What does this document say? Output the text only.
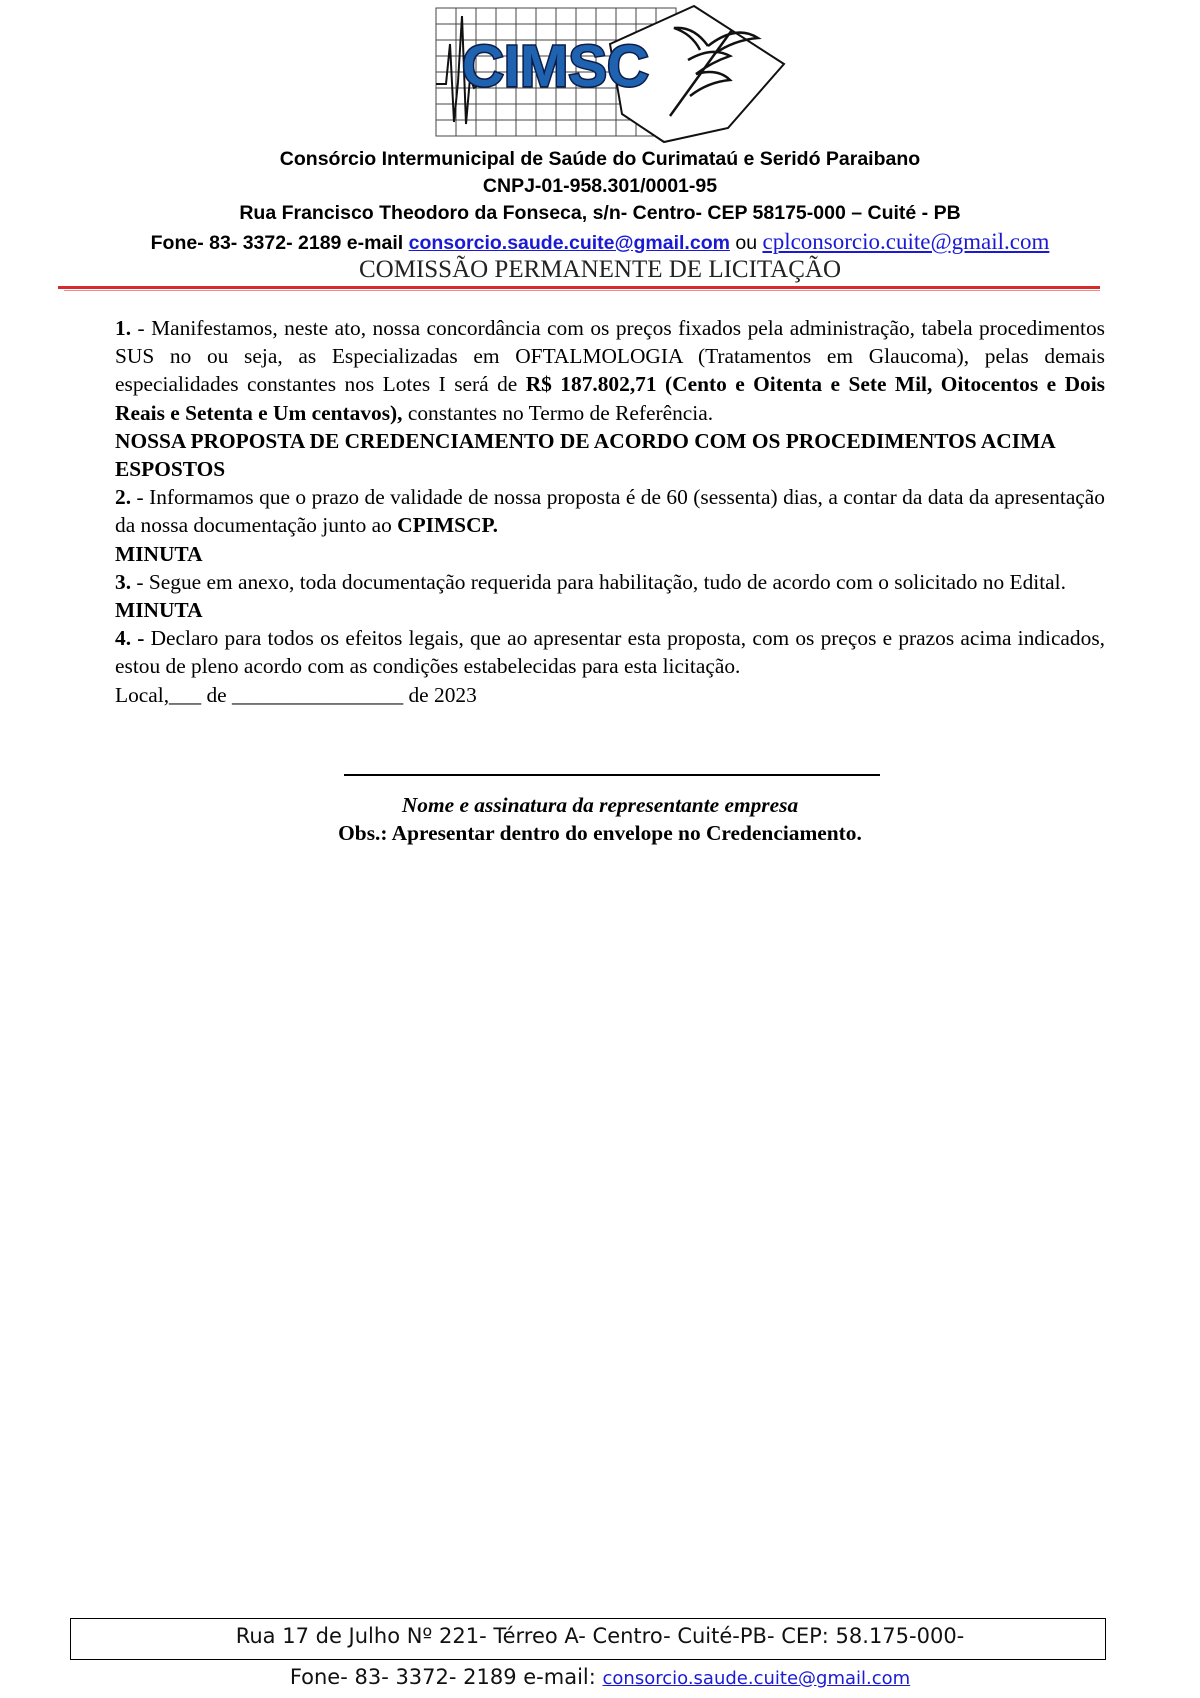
CIMSC
Consórcio Intermunicipal de Saúde do Curimataú e Seridó Paraibano
CNPJ-01-958.301/0001-95
Rua Francisco Theodoro da Fonseca, s/n- Centro- CEP 58175-000 – Cuité - PB
Fone- 83- 3372- 2189 e-mail consorcio.saude.cuite@gmail.com ou cplconsorcio.cuite@gmail.com
COMISSÃO PERMANENTE DE LICITAÇÃO

1. - Manifestamos, neste ato, nossa concordância com os preços fixados pela administração, tabela procedimentos SUS no ou seja, as Especializadas em OFTALMOLOGIA (Tratamentos em Glaucoma), pelas demais especialidades constantes nos Lotes I será de R$ 187.802,71 (Cento e Oitenta e Sete Mil, Oitocentos e Dois Reais e Setenta e Um centavos), constantes no Termo de Referência.

NOSSA PROPOSTA DE CREDENCIAMENTO DE ACORDO COM OS PROCEDIMENTOS ACIMA ESPOSTOS

2. - Informamos que o prazo de validade de nossa proposta é de 60 (sessenta) dias, a contar da data da apresentação da nossa documentação junto ao CPIMSCP.

MINUTA

3. - Segue em anexo, toda documentação requerida para habilitação, tudo de acordo com o solicitado no Edital.

MINUTA

4. - Declaro para todos os efeitos legais, que ao apresentar esta proposta, com os preços e prazos acima indicados, estou de pleno acordo com as condições estabelecidas para esta licitação.

Local,___ de ________________ de 2023

Nome e assinatura da representante empresa
Obs.: Apresentar dentro do envelope no Credenciamento.
Rua 17 de Julho Nº 221- Térreo A- Centro- Cuité-PB- CEP: 58.175-000-
Fone- 83- 3372- 2189 e-mail: consorcio.saude.cuite@gmail.com
